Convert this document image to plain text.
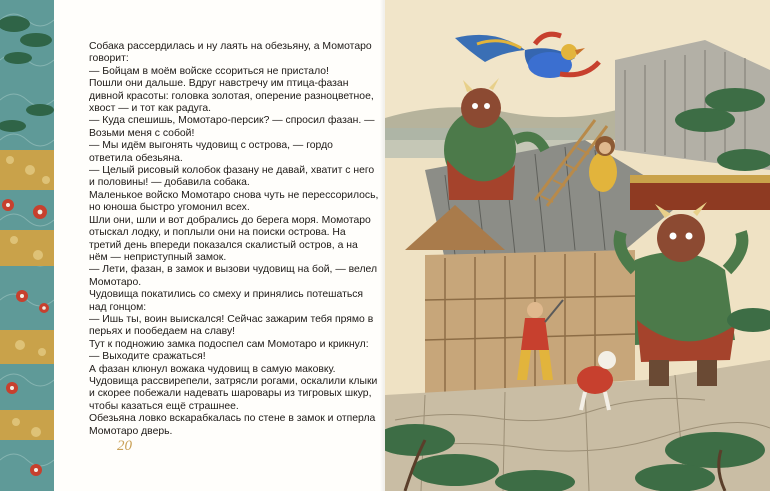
Собака рассердилась и ну лаять на обезьяну, а Момотаро говорит:

— Бойцам в моём войске ссориться не пристало!

Пошли они дальше. Вдруг навстречу им птица-фазан дивной красоты: головка золотая, оперение разноцветное, хвост — и тот как радуга.

— Куда спешишь, Момотаро-персик? — спросил фазан. — Возьми меня с собой!

— Мы идём выгонять чудовищ с острова, — гордо ответила обезьяна.

— Целый рисовый колобок фазану не давай, хватит с него и половины! — добавила собака.

Маленькое войско Момотаро снова чуть не перессорилось, но юноша быстро угомонил всех.

Шли они, шли и вот добрались до берега моря. Момотаро отыскал лодку, и поплыли они на поиски острова. На третий день впереди показался скалистый остров, а на нём — неприступный замок.

— Лети, фазан, в замок и вызови чудовищ на бой, — велел Момотаро.

Чудовища покатились со смеху и принялись потешаться над гонцом:

— Ишь ты, воин выискался! Сейчас зажарим тебя прямо в перьях и пообедаем на славу!

Тут к подножию замка подоспел сам Момотаро и крикнул:

— Выходите сражаться!

А фазан клюнул вожака чудовищ в самую маковку.

Чудовища рассвирепели, затрясли рогами, оскалили клыки и скорее побежали надевать шаровары из тигровых шкур, чтобы казаться ещё страшнее.

Обезьяна ловко вскарабкалась по стене в замок и отперла Момотаро дверь.

20
